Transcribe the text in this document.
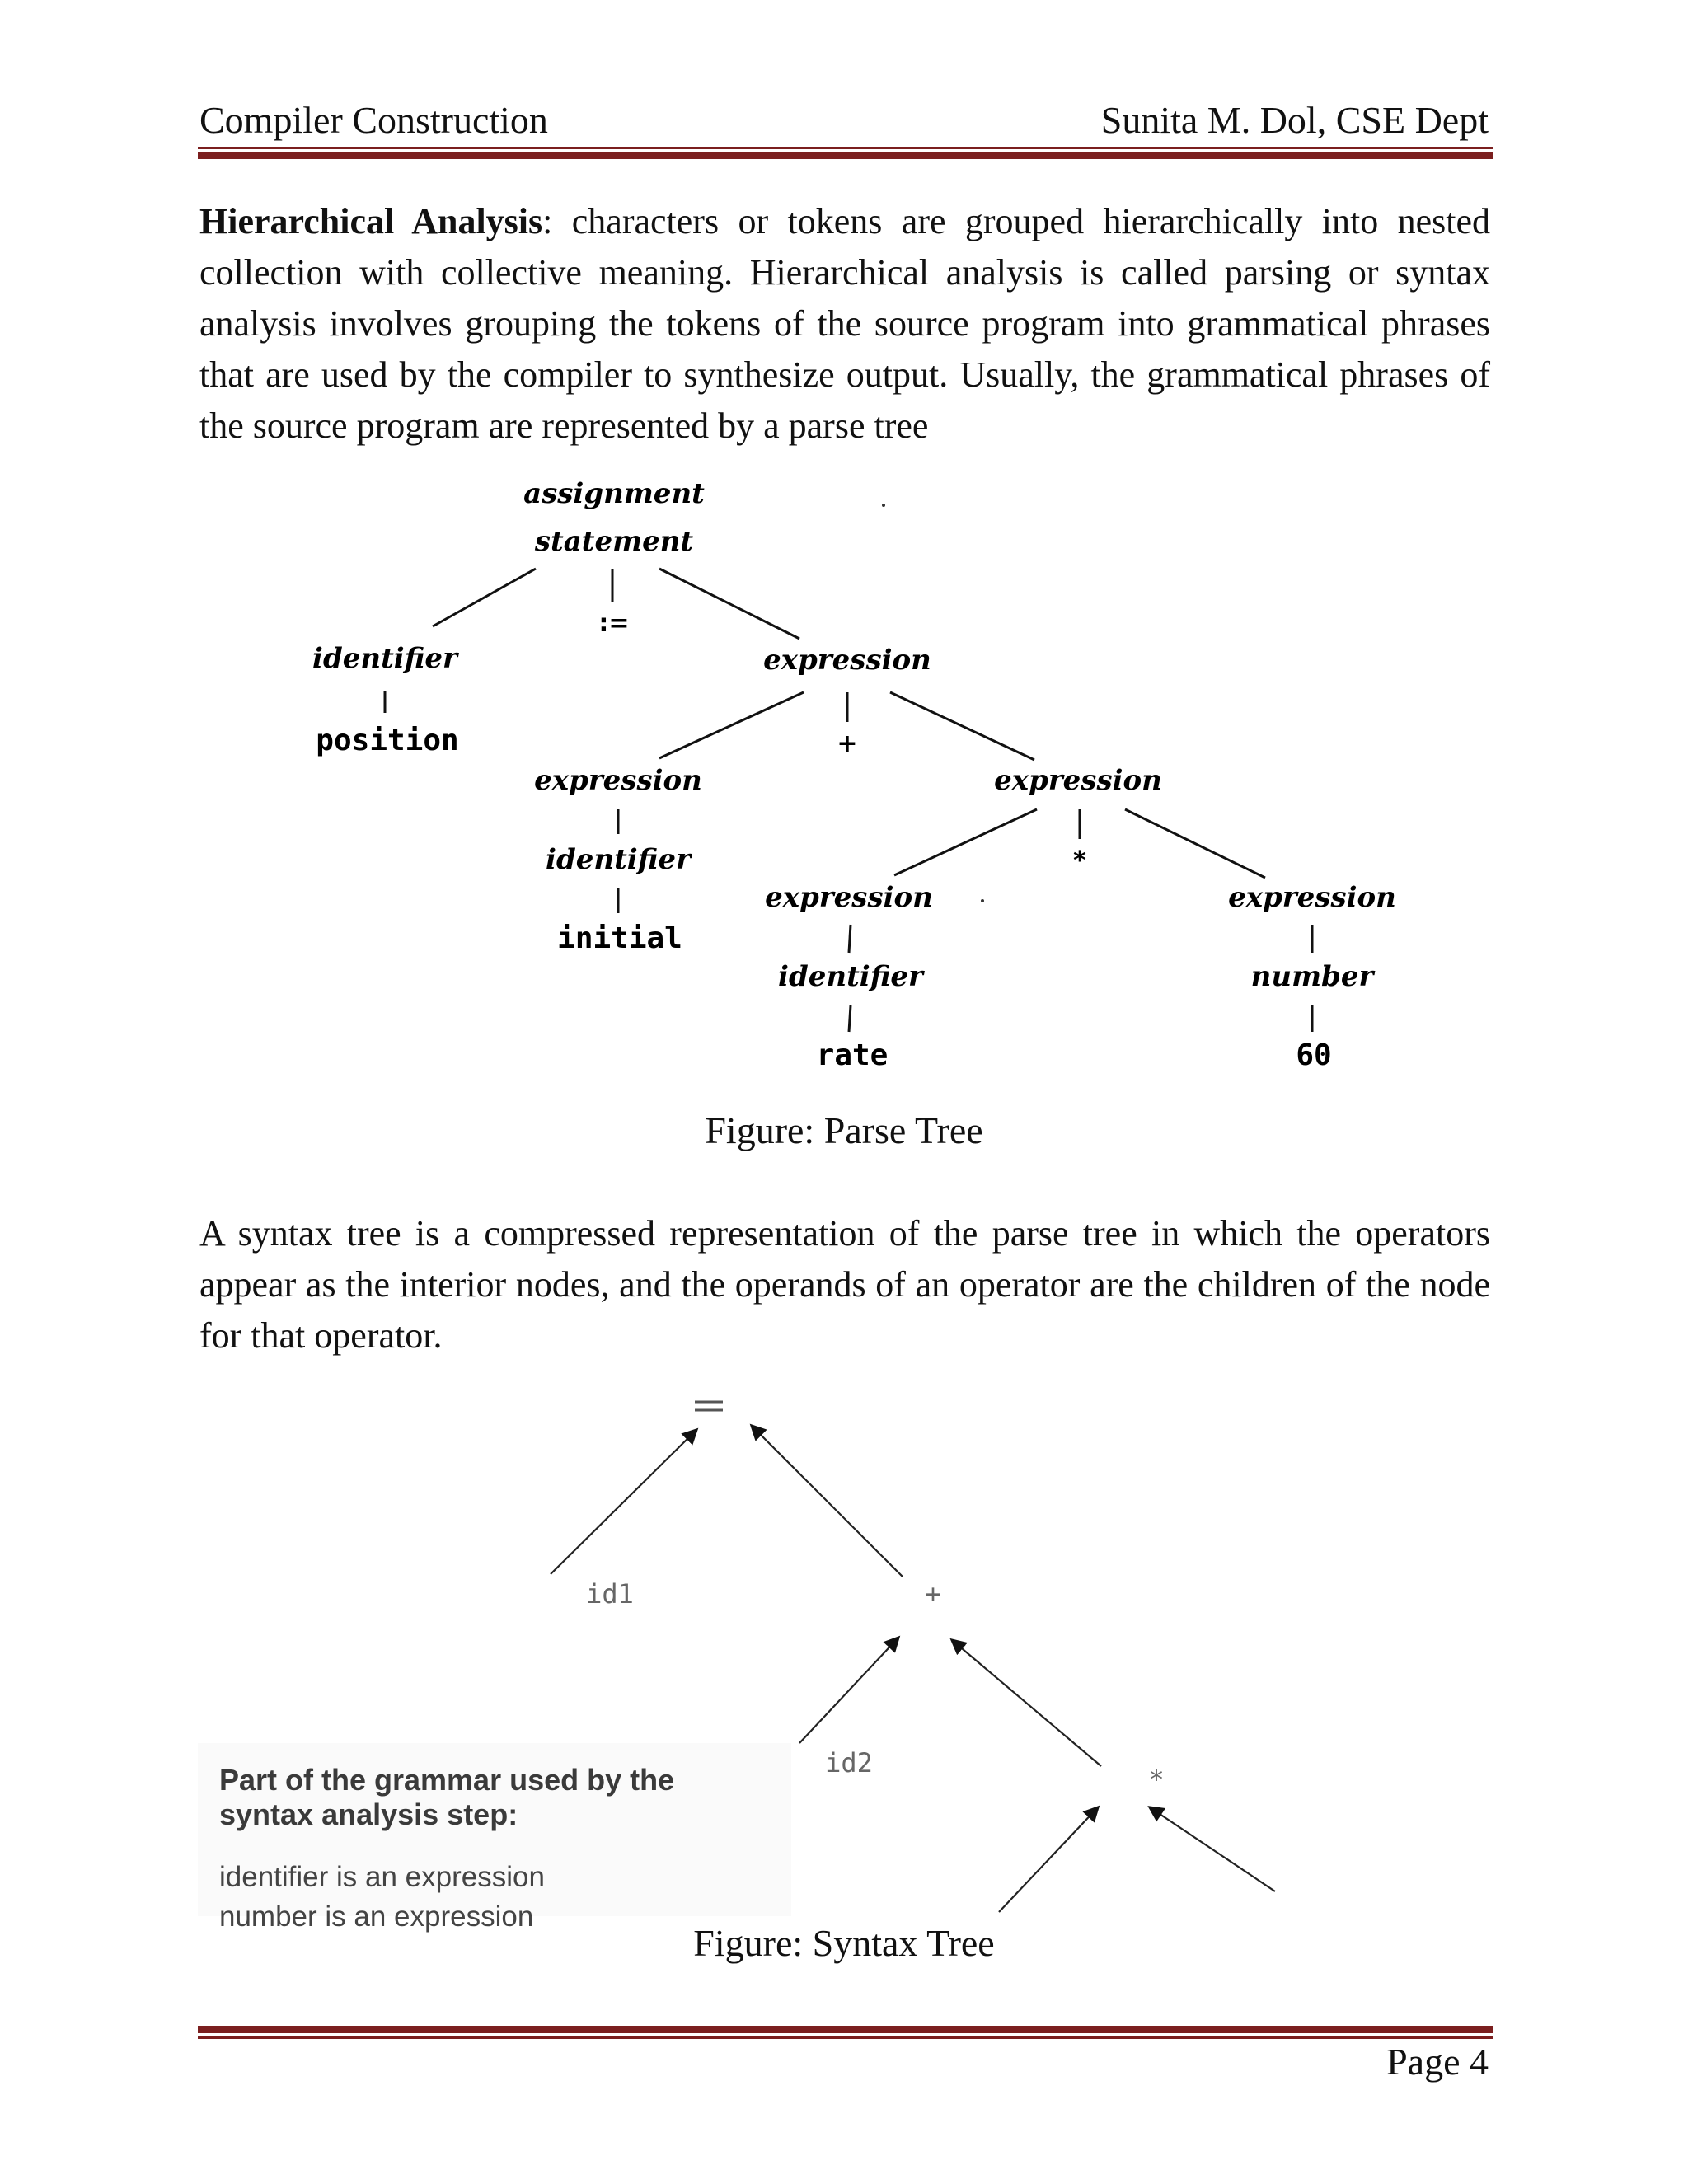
Compiler Construction	Sunita M. Dol, CSE Dept
Hierarchical Analysis: characters or tokens are grouped hierarchically into nested collection with collective meaning. Hierarchical analysis is called parsing or syntax analysis involves grouping the tokens of the source program into grammatical phrases that are used by the compiler to synthesize output. Usually, the grammatical phrases of the source program are represented by a parse tree
assignment
statement
:=
identifier
position
expression
+
expression
identifier
initial
expression
*
expression
identifier
rate
expression
number
60
Figure: Parse Tree
A syntax tree is a compressed representation of the parse tree in which the operators appear as the interior nodes, and the operands of an operator are the children of the node for that operator.
id1	+
id2
*
Part of the grammar used by the
syntax analysis step:
identifier is an expression
number is an expression
Figure: Syntax Tree
Page 4
